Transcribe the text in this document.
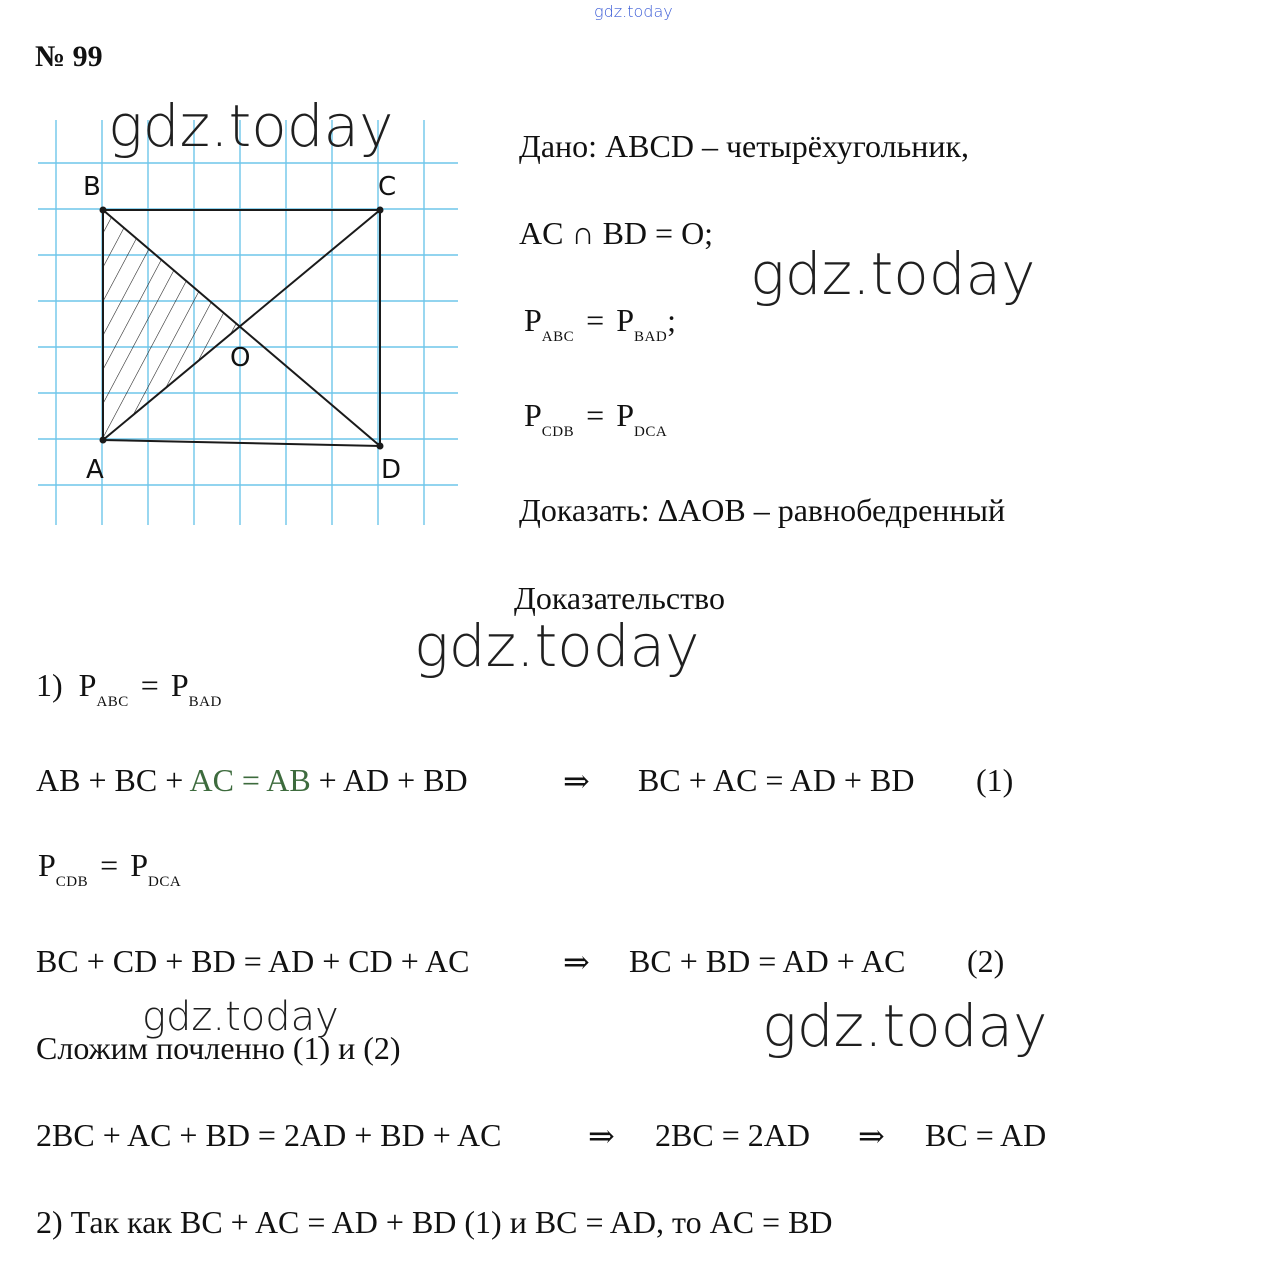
gdz.today
№ 99
B	C
O
A	D
gdz.today	Дано: ABCD – четырёхугольник,
AC ∩ BD = O;
gdz.today
$P_{ABC} = P_{BAD}$;
$P_{CDB} = P_{DCA}$
Доказать: ΔAOB – равнобедренный
Доказательство
gdz.today
1) $P_{ABC} = P_{BAD}$
AB + BC + AC = AB + AD + BD	⇒ BC + AC = AD + BD (1)
$P_{CDB} = P_{DCA}$
BC + CD + BD = AD + CD + AC	⇒ BC + BD = AD + AC (2)
gdz.today	gdz.today
Сложим почленно (1) и (2)
2BC + AC + BD = 2AD + BD + AC	⇒ 2BC = 2AD ⇒ BC = AD
2) Так как BC + AC = AD + BD (1) и BC = AD, то AC = BD
